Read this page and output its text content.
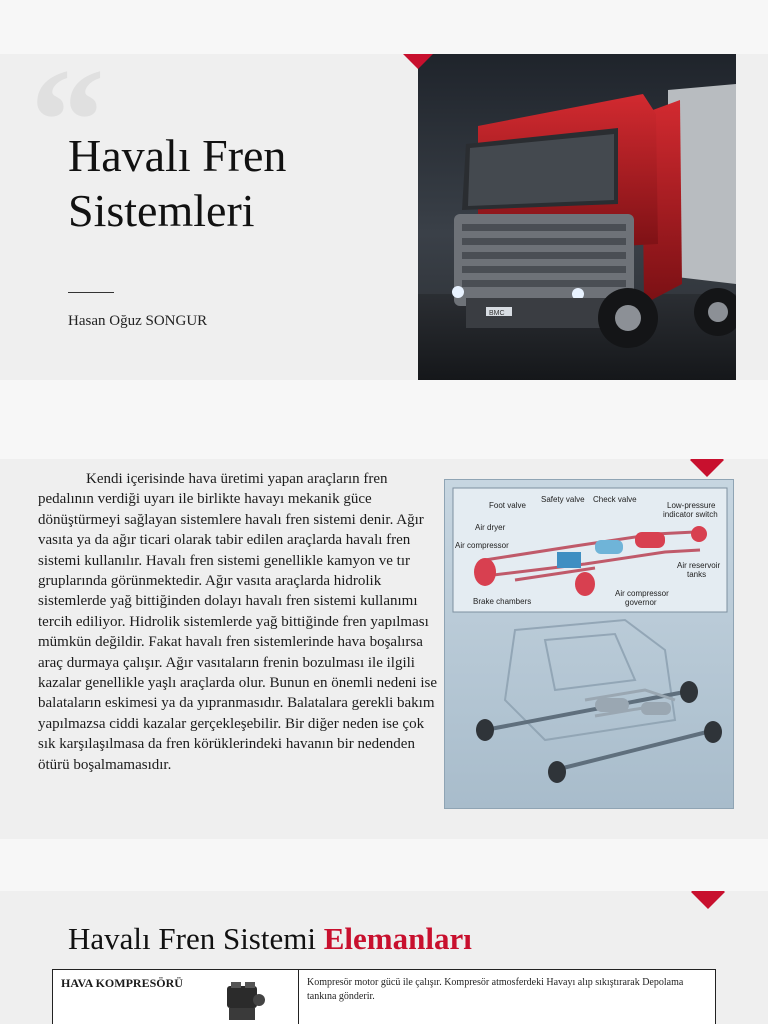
“
Havalı Fren Sistemleri
Hasan Oğuz SONGUR	BMC
Kendi içerisinde hava üretimi yapan araçların fren pedalının verdiği uyarı ile birlikte havayı mekanik güce dönüştürmeyi sağlayan sistemlere havalı fren sistemi denir. Ağır vasıta ya da ağır ticari olarak tabir edilen araçlarda havalı fren sistemi kullanılır. Havalı fren sistemi genellikle kamyon ve tır gruplarında görünmektedir. Ağır vasıta araçlarda hidrolik sistemlerde yağ bittiğinden dolayı havalı fren sistemi kullanımı tercih ediliyor. Hidrolik sistemlerde yağ bittiğinde fren yapılması mümkün değildir. Fakat havalı fren sistemlerinde hava boşalırsa araç durmaya çalışır. Ağır vasıtaların frenin bozulması ile ilgili kazalar genellikle yaşlı araçlarda olur. Bunun en önemli nedeni ise balataların eskimesi ya da yıpranmasıdır. Balatalara gerekli bakım yapılmazsa ciddi kazalar gerçekleşebilir. Bir diğer neden ise çok sık karşılaşılmasa da fren körüklerindeki havanın bir nedenden ötürü boşalmamasıdır.
Foot valve
Safety valve Check valve
Low-pressure
indicator switch
Air dryer
Air compressor
Air reservoir
tanks
Brake chambers
Air compressor
governor
Havalı Fren Sistemi Elemanları
HAVA KOMPRESÖRÜ	Kompresör motor gücü ile çalışır. Kompresör atmosferdeki Havayı alıp sıkıştırarak Depolama tankına gönderir.
